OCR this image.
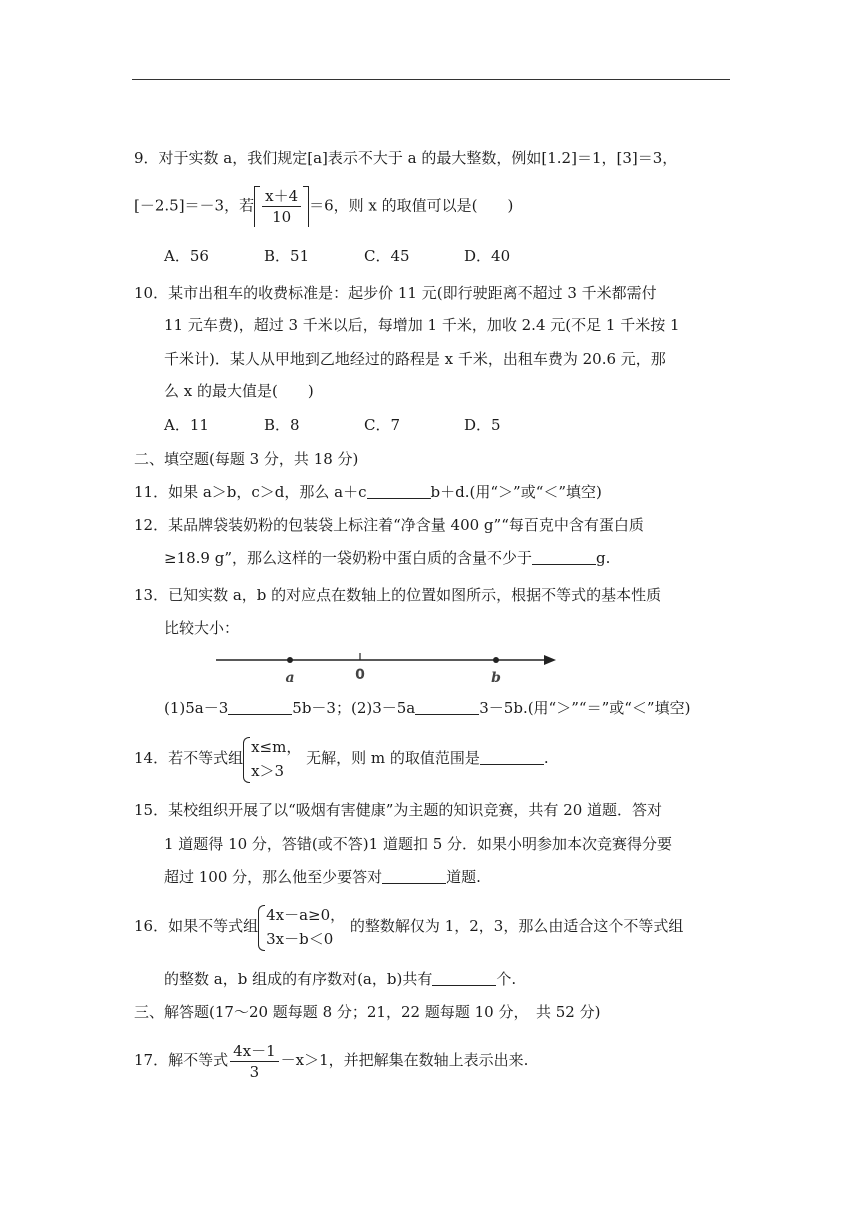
9．对于实数 a，我们规定[a]表示不大于 a 的最大整数，例如[1.2]＝1，[3]＝3，
[－2.5]＝－3，若 $\frac{x+4}{10} =6$，则 x 的取值可以是(　　)
A．56	B．51	C．45	D．40
10．某市出租车的收费标准是：起步价 11 元(即行驶距离不超过 3 千米都需付
11 元车费)，超过 3 千米以后，每增加 1 千米，加收 2.4 元(不足 1 千米按 1
千米计)．某人从甲地到乙地经过的路程是 x 千米，出租车费为 20.6 元，那
么 x 的最大值是(　　)
A．11	B．8	C．7	D．5
二、填空题(每题 3 分，共 18 分)
11．如果 a＞b，c＞d，那么 a＋c	b＋d.(用“＞”或“＜”填空)
12．某品牌袋装奶粉的包装袋上标注着“净含量 400 g”“每百克中含有蛋白质
≥18.9 g”，那么这样的一袋奶粉中蛋白质的含量不少于	g.
13．已知实数 a，b 的对应点在数轴上的位置如图所示，根据不等式的基本性质
比较大小：
a	0	b
(1)5a－3	5b－3；(2)3－5a	3－5b.(用“＞”“＝”或“＜”填空)
14．若不等式组
x≤m，
x＞3
无解，则 m 的取值范围是	.
15．某校组织开展了以“吸烟有害健康”为主题的知识竞赛，共有 20 道题．答对
1 道题得 10 分，答错(或不答)1 道题扣 5 分．如果小明参加本次竞赛得分要
超过 100 分，那么他至少要答对	道题.
16．如果不等式组
4x－a≥0，
3x－b＜0
的整数解仅为 1，2，3，那么由适合这个不等式组
的整数 a，b 组成的有序数对(a，b)共有	个.
三、解答题(17～20 题每题 8 分；21，22 题每题 10 分，　共 52 分)
17．解不等式 $\frac{4x-1}{3} -x>1$，并把解集在数轴上表示出来.
